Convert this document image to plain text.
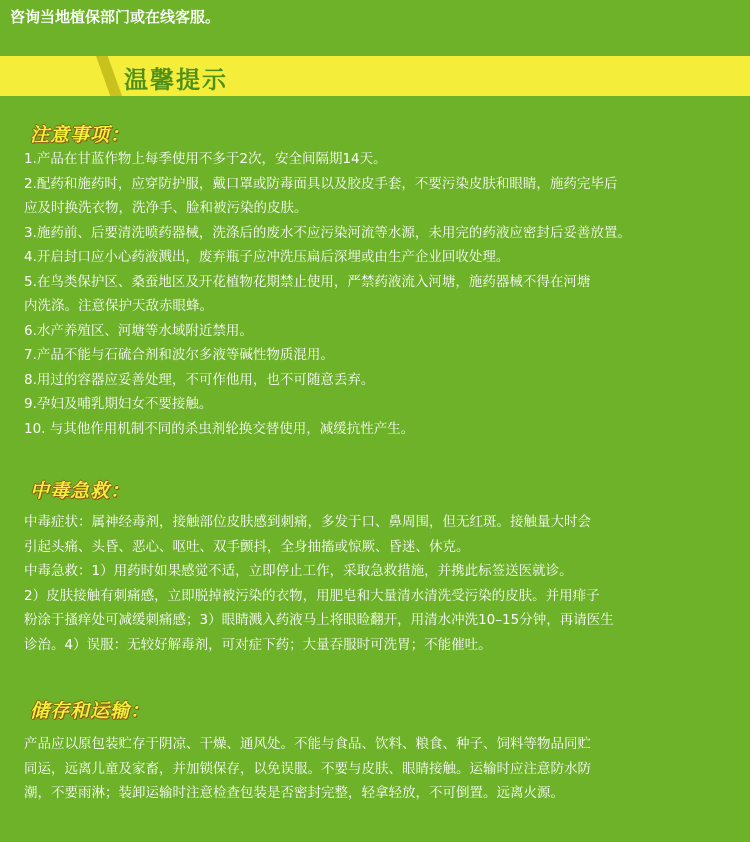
咨询当地植保部门或在线客服。
温馨提示
注意事项：
1.产品在甘蓝作物上每季使用不多于2次，安全间隔期14天。
2.配药和施药时，应穿防护服，戴口罩或防毒面具以及胶皮手套，不要污染皮肤和眼睛，施药完毕后
应及时换洗衣物，洗净手、脸和被污染的皮肤。
3.施药前、后要清洗喷药器械，洗涤后的废水不应污染河流等水源，未用完的药液应密封后妥善放置。
4.开启封口应小心药液溅出，废弃瓶子应冲洗压扁后深埋或由生产企业回收处理。
5.在鸟类保护区、桑蚕地区及开花植物花期禁止使用，严禁药液流入河塘，施药器械不得在河塘
内洗涤。注意保护天敌赤眼蜂。
6.水产养殖区、河塘等水域附近禁用。
7.产品不能与石硫合剂和波尔多液等碱性物质混用。
8.用过的容器应妥善处理，不可作他用，也不可随意丢弃。
9.孕妇及哺乳期妇女不要接触。
10. 与其他作用机制不同的杀虫剂轮换交替使用，减缓抗性产生。
中毒急救：
中毒症状：属神经毒剂，接触部位皮肤感到刺痛，多发于口、鼻周围，但无红斑。接触量大时会
引起头痛、头昏、恶心、呕吐、双手颤抖，全身抽搐或惊厥、昏迷、休克。
中毒急救：1）用药时如果感觉不适，立即停止工作，采取急救措施，并携此标签送医就诊。
2）皮肤接触有刺痛感，立即脱掉被污染的衣物，用肥皂和大量清水清洗受污染的皮肤。并用痱子
粉涂于搔痒处可减缓刺痛感；3）眼睛溅入药液马上将眼睑翻开，用清水冲洗10–15分钟，再请医生
诊治。4）误服：无较好解毒剂，可对症下药；大量吞服时可洗胃；不能催吐。
储存和运输：
产品应以原包装贮存于阴凉、干燥、通风处。不能与食品、饮料、粮食、种子、饲料等物品同贮
同运，远离儿童及家畜，并加锁保存，以免误服。不要与皮肤、眼睛接触。运输时应注意防水防
潮，不要雨淋；装卸运输时注意检查包装是否密封完整，轻拿轻放，不可倒置。远离火源。
